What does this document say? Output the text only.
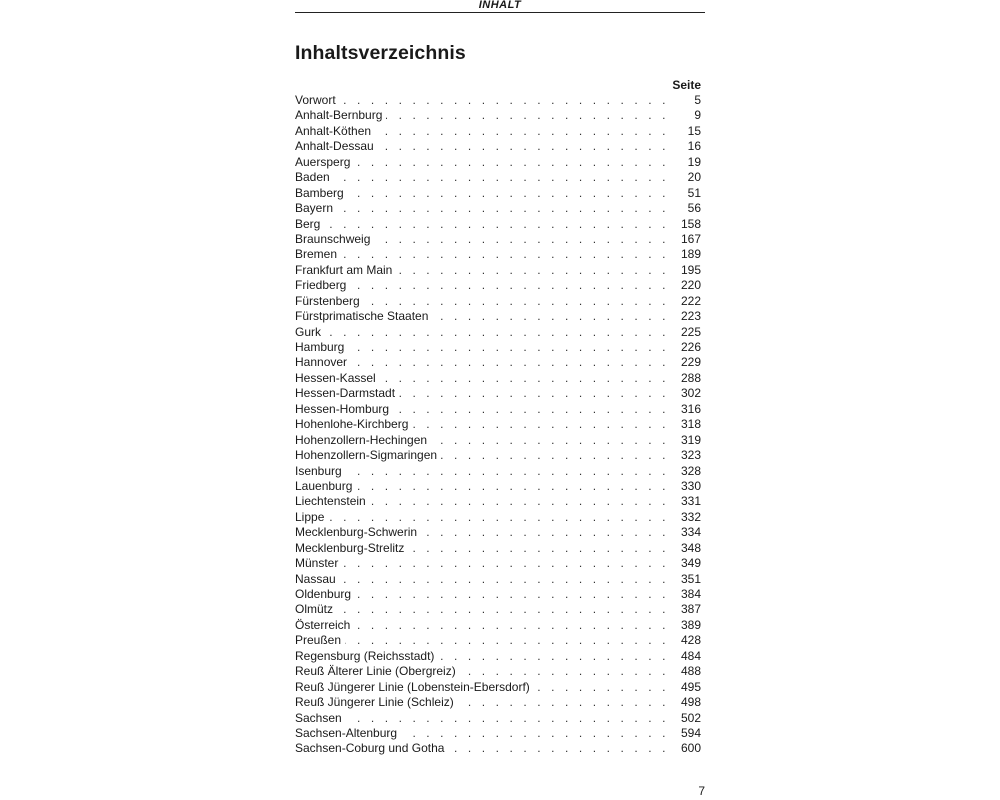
$^{INHALT}$
Inhaltsverzeichnis
Seite
Vorwort . . .	5
Anhalt-Bernburg . . .	9
Anhalt-Köthen . . .	15
Anhalt-Dessau . . .	16
Auersperg . . .	19
Baden . . .	20
Bamberg . . .	51
Bayern . . .	56
Berg . . .	158
Braunschweig . . .	167
Bremen . . .	189
Frankfurt am Main . . .	195
Friedberg . . .	220
Fürstenberg . . .	222
Fürstprimatische Staaten . . .	223
Gurk . . .	225
Hamburg . . .	226
Hannover . . .	229
Hessen-Kassel . . .	288
Hessen-Darmstadt . . .	302
Hessen-Homburg . . .	316
Hohenlohe-Kirchberg . . .	318
Hohenzollern-Hechingen . . .	319
Hohenzollern-Sigmaringen . . .	323
Isenburg . . .	328
Lauenburg . . .	330
Liechtenstein . . .	331
Lippe . . .	332
Mecklenburg-Schwerin . . .	334
Mecklenburg-Strelitz . . .	348
Münster . . .	349
Nassau . . .	351
Oldenburg . . .	384
Olmütz . . .	387
Österreich . . .	389
Preußen . . .	428
Regensburg (Reichsstadt) . . .	484
Reuß Älterer Linie (Obergreiz) . . .	488
Reuß Jüngerer Linie (Lobenstein-Ebersdorf) . . .	495
Reuß Jüngerer Linie (Schleiz) . . .	498
Sachsen . . .	502
Sachsen-Altenburg . . .	594
Sachsen-Coburg und Gotha . . .	600
7
